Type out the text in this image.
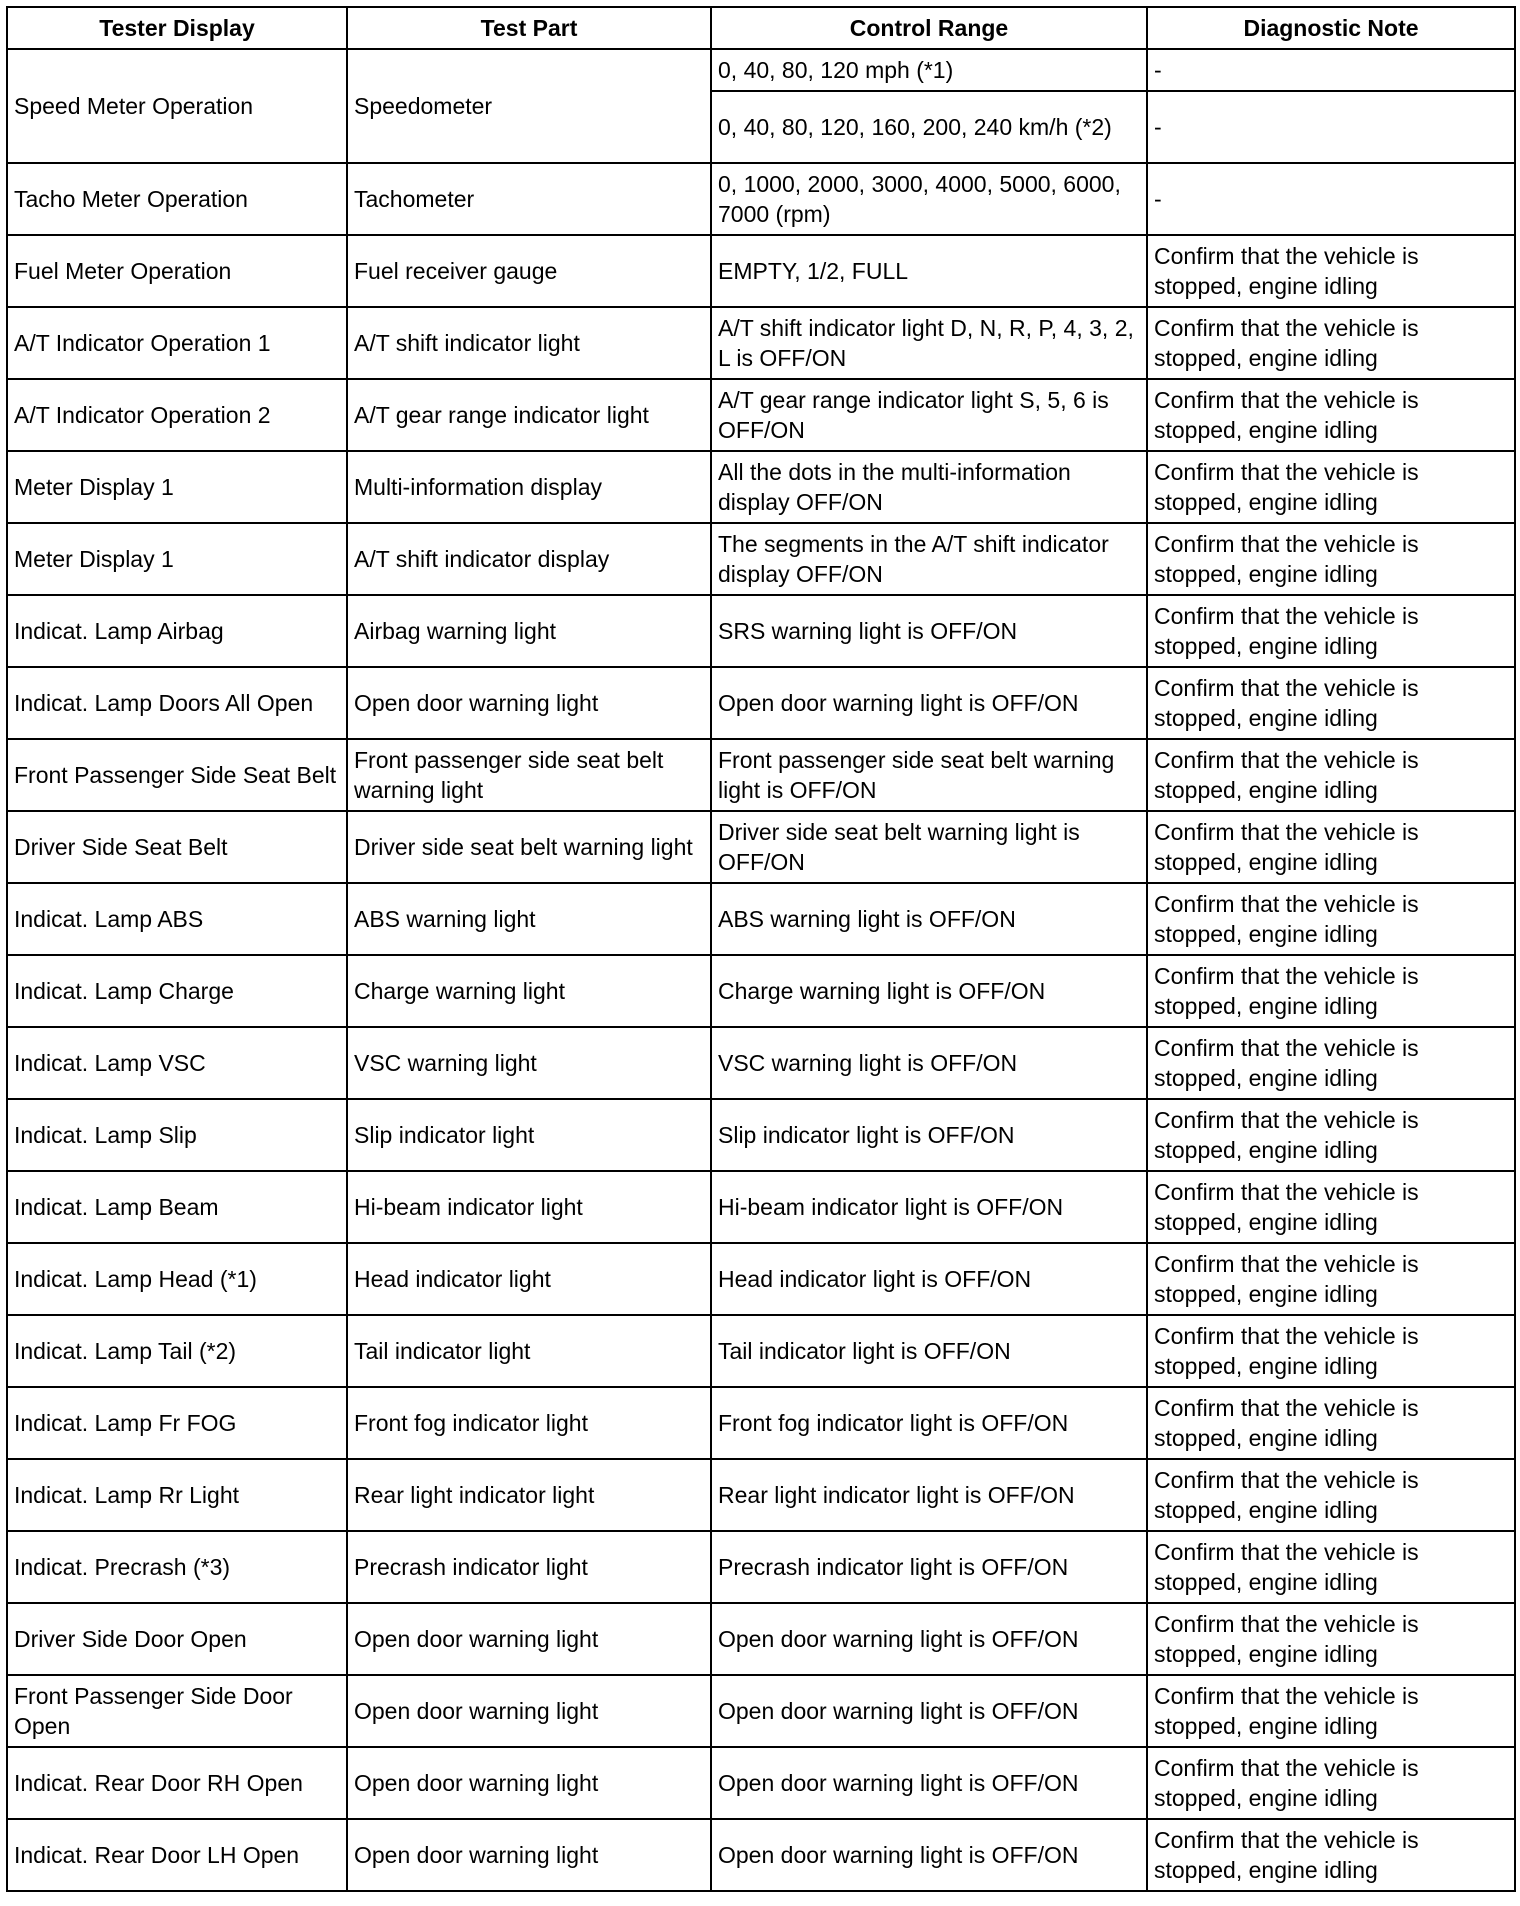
Tester Display	Test Part	Control Range	Diagnostic Note
Speed Meter Operation	Speedometer	0, 40, 80, 120 mph (*1)	-
		0, 40, 80, 120, 160, 200, 240 km/h (*2)	-
Tacho Meter Operation	Tachometer	0, 1000, 2000, 3000, 4000, 5000, 6000, 7000 (rpm)	-
Fuel Meter Operation	Fuel receiver gauge	EMPTY, 1/2, FULL	Confirm that the vehicle is stopped, engine idling
A/T Indicator Operation 1	A/T shift indicator light	A/T shift indicator light D, N, R, P, 4, 3, 2, L is OFF/ON	Confirm that the vehicle is stopped, engine idling
A/T Indicator Operation 2	A/T gear range indicator light	A/T gear range indicator light S, 5, 6 is OFF/ON	Confirm that the vehicle is stopped, engine idling
Meter Display 1	Multi-information display	All the dots in the multi-information display OFF/ON	Confirm that the vehicle is stopped, engine idling
Meter Display 1	A/T shift indicator display	The segments in the A/T shift indicator display OFF/ON	Confirm that the vehicle is stopped, engine idling
Indicat. Lamp Airbag	Airbag warning light	SRS warning light is OFF/ON	Confirm that the vehicle is stopped, engine idling
Indicat. Lamp Doors All Open	Open door warning light	Open door warning light is OFF/ON	Confirm that the vehicle is stopped, engine idling
Front Passenger Side Seat Belt	Front passenger side seat belt warning light	Front passenger side seat belt warning light is OFF/ON	Confirm that the vehicle is stopped, engine idling
Driver Side Seat Belt	Driver side seat belt warning light	Driver side seat belt warning light is OFF/ON	Confirm that the vehicle is stopped, engine idling
Indicat. Lamp ABS	ABS warning light	ABS warning light is OFF/ON	Confirm that the vehicle is stopped, engine idling
Indicat. Lamp Charge	Charge warning light	Charge warning light is OFF/ON	Confirm that the vehicle is stopped, engine idling
Indicat. Lamp VSC	VSC warning light	VSC warning light is OFF/ON	Confirm that the vehicle is stopped, engine idling
Indicat. Lamp Slip	Slip indicator light	Slip indicator light is OFF/ON	Confirm that the vehicle is stopped, engine idling
Indicat. Lamp Beam	Hi-beam indicator light	Hi-beam indicator light is OFF/ON	Confirm that the vehicle is stopped, engine idling
Indicat. Lamp Head (*1)	Head indicator light	Head indicator light is OFF/ON	Confirm that the vehicle is stopped, engine idling
Indicat. Lamp Tail (*2)	Tail indicator light	Tail indicator light is OFF/ON	Confirm that the vehicle is stopped, engine idling
Indicat. Lamp Fr FOG	Front fog indicator light	Front fog indicator light is OFF/ON	Confirm that the vehicle is stopped, engine idling
Indicat. Lamp Rr Light	Rear light indicator light	Rear light indicator light is OFF/ON	Confirm that the vehicle is stopped, engine idling
Indicat. Precrash (*3)	Precrash indicator light	Precrash indicator light is OFF/ON	Confirm that the vehicle is stopped, engine idling
Driver Side Door Open	Open door warning light	Open door warning light is OFF/ON	Confirm that the vehicle is stopped, engine idling
Front Passenger Side Door Open	Open door warning light	Open door warning light is OFF/ON	Confirm that the vehicle is stopped, engine idling
Indicat. Rear Door RH Open	Open door warning light	Open door warning light is OFF/ON	Confirm that the vehicle is stopped, engine idling
Indicat. Rear Door LH Open	Open door warning light	Open door warning light is OFF/ON	Confirm that the vehicle is stopped, engine idling
